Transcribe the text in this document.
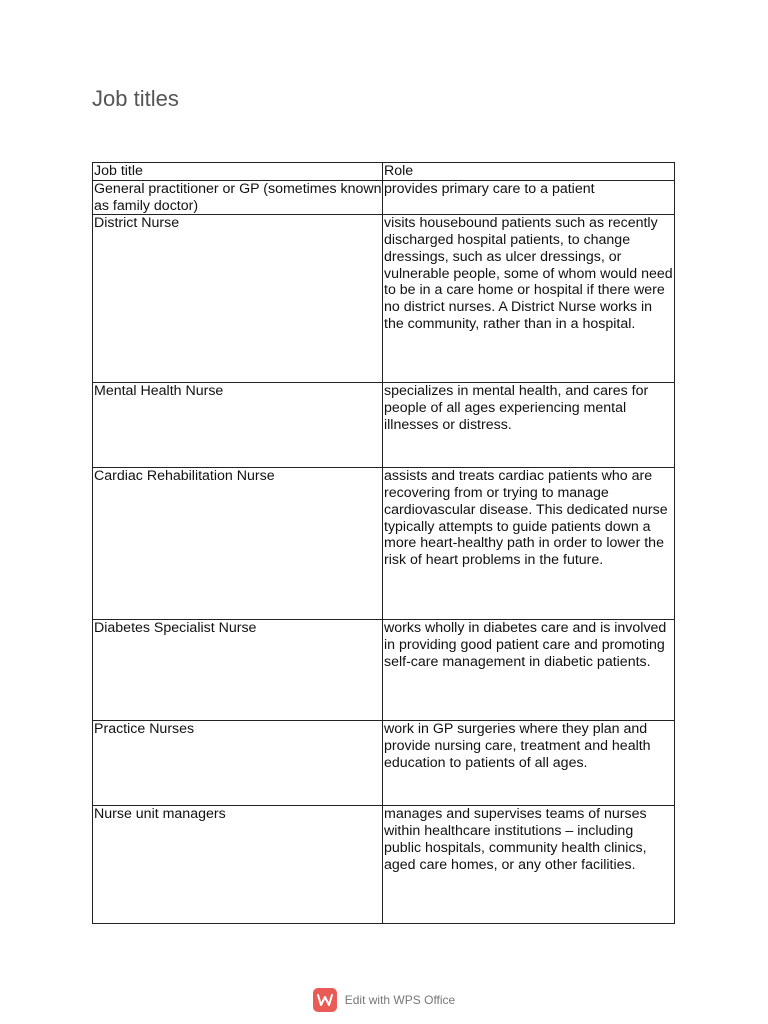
Job titles
Job title	Role
General practitioner or GP (sometimes known as family doctor)	provides primary care to a patient
District Nurse	visits housebound patients such as recently discharged hospital patients, to change dressings, such as ulcer dressings, or vulnerable people, some of whom would need to be in a care home or hospital if there were no district nurses. A District Nurse works in the community, rather than in a hospital.
Mental Health Nurse	specializes in mental health, and cares for people of all ages experiencing mental illnesses or distress.
Cardiac Rehabilitation Nurse	assists and treats cardiac patients who are recovering from or trying to manage cardiovascular disease. This dedicated nurse typically attempts to guide patients down a more heart-healthy path in order to lower the risk of heart problems in the future.
Diabetes Specialist Nurse	works wholly in diabetes care and is involved in providing good patient care and promoting self-care management in diabetic patients.
Practice Nurses	work in GP surgeries where they plan and provide nursing care, treatment and health education to patients of all ages.
Nurse unit managers	manages and supervises teams of nurses within healthcare institutions – including public hospitals, community health clinics, aged care homes, or any other facilities.
Edit with WPS Office
